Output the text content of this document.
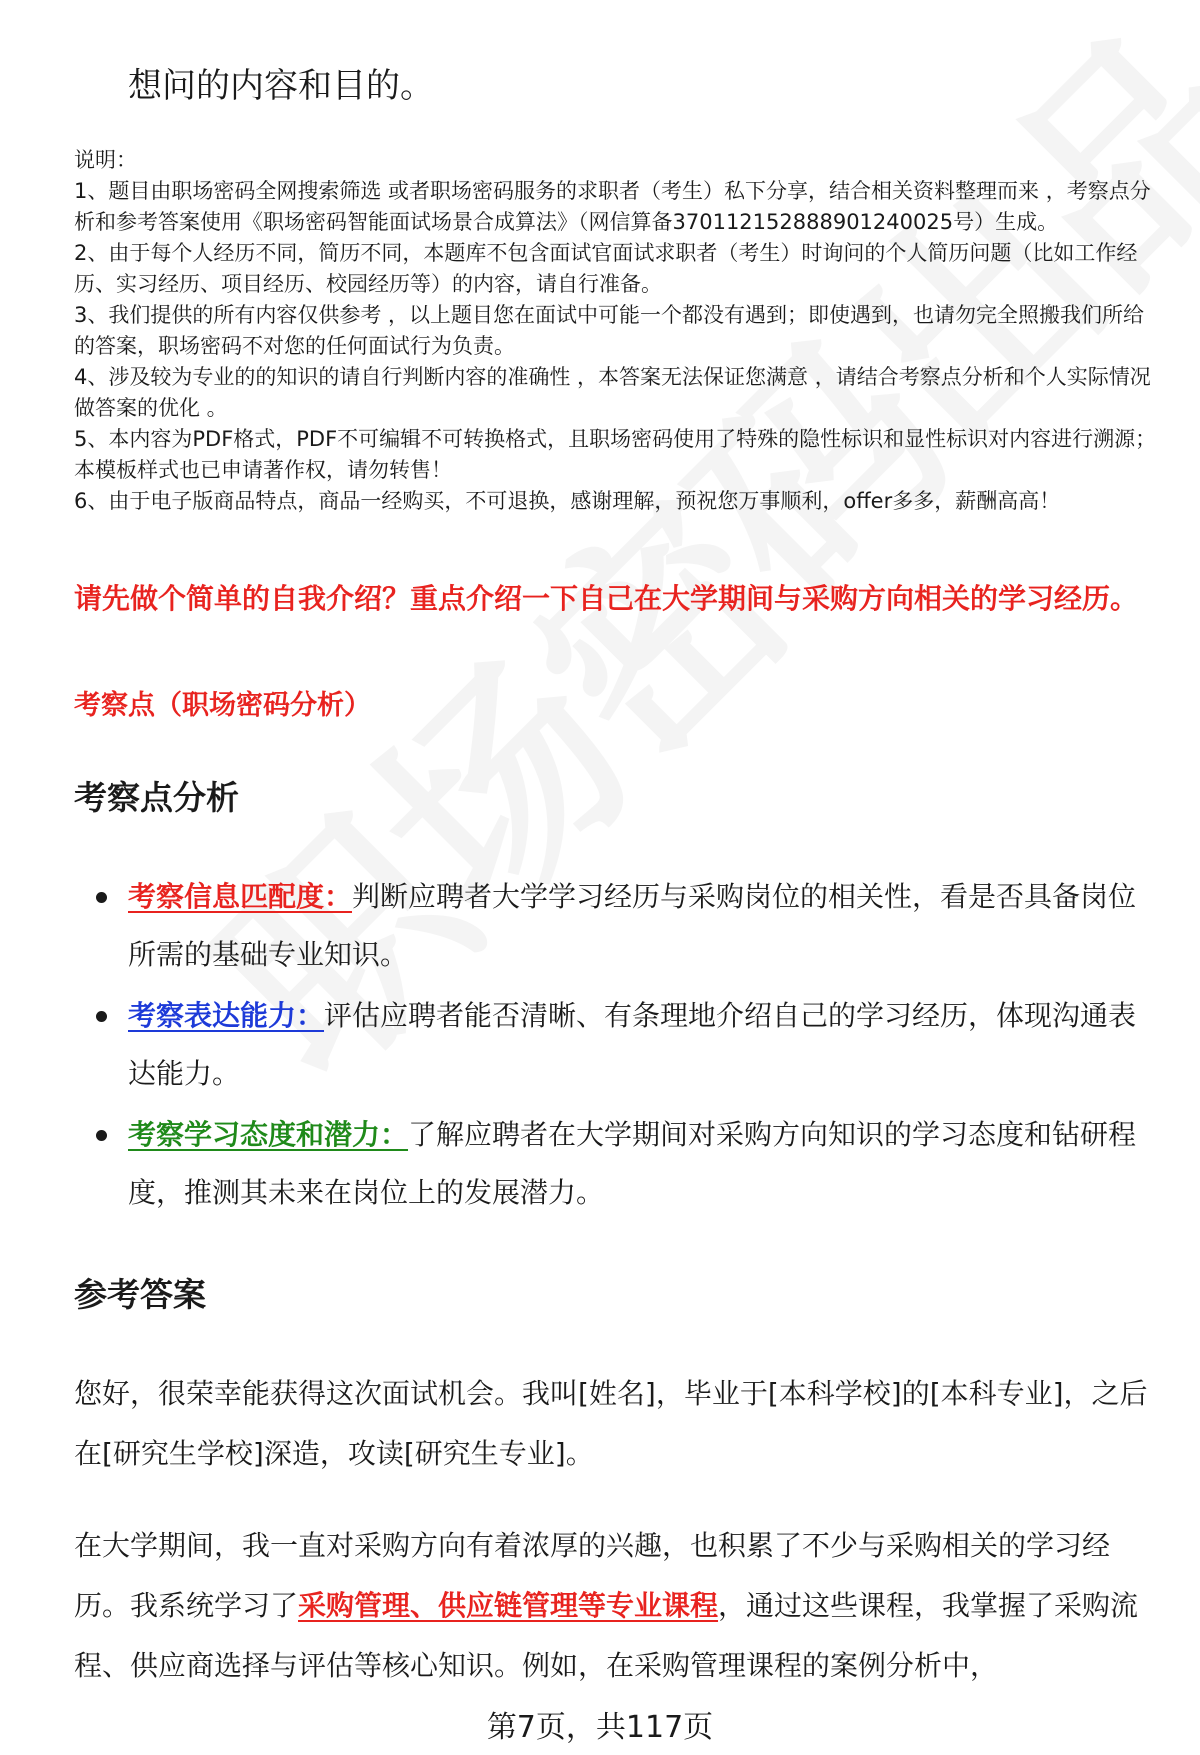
想问的内容和目的。

说明：

1、题目由职场密码全网搜索筛选 或者职场密码服务的求职者（考生）私下分享，结合相关资料整理而来 ，考察点分析和参考答案使用《职场密码智能面试场景合成算法》（网信算备370112152888901240025号）生成。

2、由于每个人经历不同，简历不同，本题库不包含面试官面试求职者（考生）时询问的个人简历问题（比如工作经历、实习经历、项目经历、校园经历等）的内容，请自行准备。

3、我们提供的所有内容仅供参考 ，以上题目您在面试中可能一个都没有遇到；即使遇到，也请勿完全照搬我们所给的答案，职场密码不对您的任何面试行为负责。

4、涉及较为专业的的知识的请自行判断内容的准确性 ，本答案无法保证您满意 ，请结合考察点分析和个人实际情况做答案的优化 。

5、本内容为PDF格式，PDF不可编辑不可转换格式，且职场密码使用了特殊的隐性标识和显性标识对内容进行溯源；本模板样式也已申请著作权，请勿转售！

6、由于电子版商品特点，商品一经购买，不可退换，感谢理解，预祝您万事顺利，offer多多，薪酬高高！

请先做个简单的自我介绍？重点介绍一下自己在大学期间与采购方向相关的学习经历。
考察点（职场密码分析）
考察点分析
考察信息匹配度：判断应聘者大学学习经历与采购岗位的相关性，看是否具备岗位所需的基础专业知识。
考察表达能力：评估应聘者能否清晰、有条理地介绍自己的学习经历，体现沟通表达能力。
考察学习态度和潜力：了解应聘者在大学期间对采购方向知识的学习态度和钻研程度，推测其未来在岗位上的发展潜力。
参考答案

您好，很荣幸能获得这次面试机会。我叫[姓名]，毕业于[本科学校]的[本科专业]，之后在[研究生学校]深造，攻读[研究生专业]。

在大学期间，我一直对采购方向有着浓厚的兴趣，也积累了不少与采购相关的学习经历。我系统学习了采购管理、供应链管理等专业课程，通过这些课程，我掌握了采购流程、供应商选择与评估等核心知识。例如，在采购管理课程的案例分析中，

第7页，共117页
